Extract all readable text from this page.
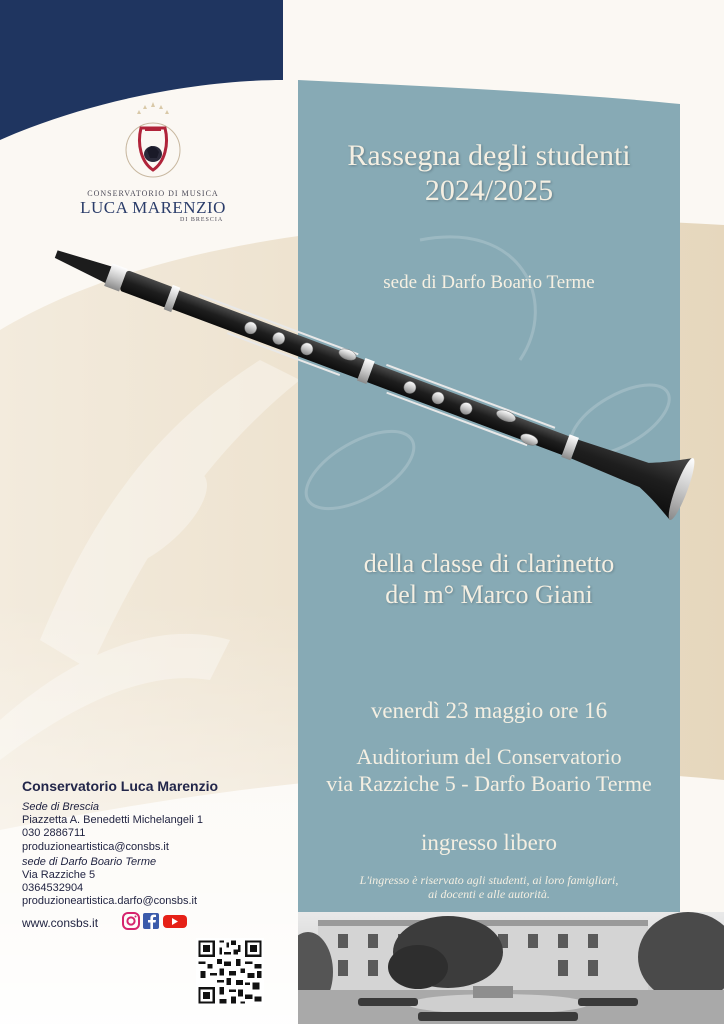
CONSERVATORIO DI MUSICA
LUCA MARENZIO
DI BRESCIA
Rassegna degli studenti
2024/2025
sede di Darfo Boario Terme
della classe di clarinetto
del m° Marco Giani
venerdì 23 maggio ore 16
Auditorium del Conservatorio
via Razziche 5 - Darfo Boario Terme
ingresso libero
L'ingresso è riservato agli studenti, ai loro famigliari,
ai docenti e alle autorità.
Conservatorio Luca Marenzio
Sede di Brescia
Piazzetta A. Benedetti Michelangeli 1
030 2886711
produzioneartistica@consbs.it
sede di Darfo Boario Terme
Via Razziche 5
0364532904
produzioneartistica.darfo@consbs.it
www.consbs.it
